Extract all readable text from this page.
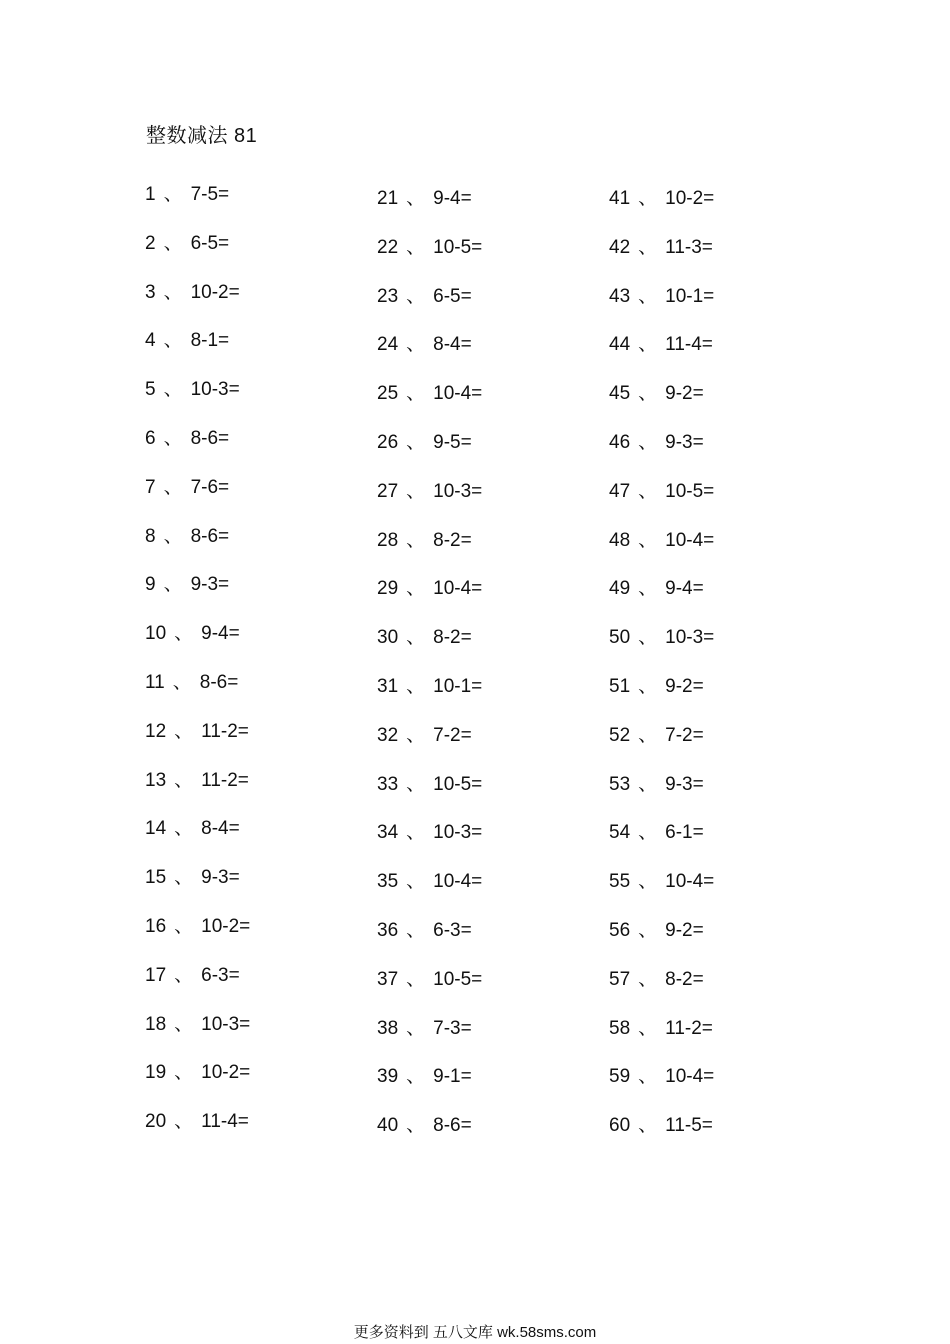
整数减法 81
1 、 7-5=
2 、 6-5=
3 、 10-2=
4 、 8-1=
5 、 10-3=
6 、 8-6=
7 、 7-6=
8 、 8-6=
9 、 9-3=
10 、 9-4=
11 、 8-6=
12 、 11-2=
13 、 11-2=
14 、 8-4=
15 、 9-3=
16 、 10-2=
17 、 6-3=
18 、 10-3=
19 、 10-2=
20 、 11-4=
21 、 9-4=
22 、 10-5=
23 、 6-5=
24 、 8-4=
25 、 10-4=
26 、 9-5=
27 、 10-3=
28 、 8-2=
29 、 10-4=
30 、 8-2=
31 、 10-1=
32 、 7-2=
33 、 10-5=
34 、 10-3=
35 、 10-4=
36 、 6-3=
37 、 10-5=
38 、 7-3=
39 、 9-1=
40 、 8-6=
41 、 10-2=
42 、 11-3=
43 、 10-1=
44 、 11-4=
45 、 9-2=
46 、 9-3=
47 、 10-5=
48 、 10-4=
49 、 9-4=
50 、 10-3=
51 、 9-2=
52 、 7-2=
53 、 9-3=
54 、 6-1=
55 、 10-4=
56 、 9-2=
57 、 8-2=
58 、 11-2=
59 、 10-4=
60 、 11-5=
更多资料到 五八文库 wk.58sms.com
